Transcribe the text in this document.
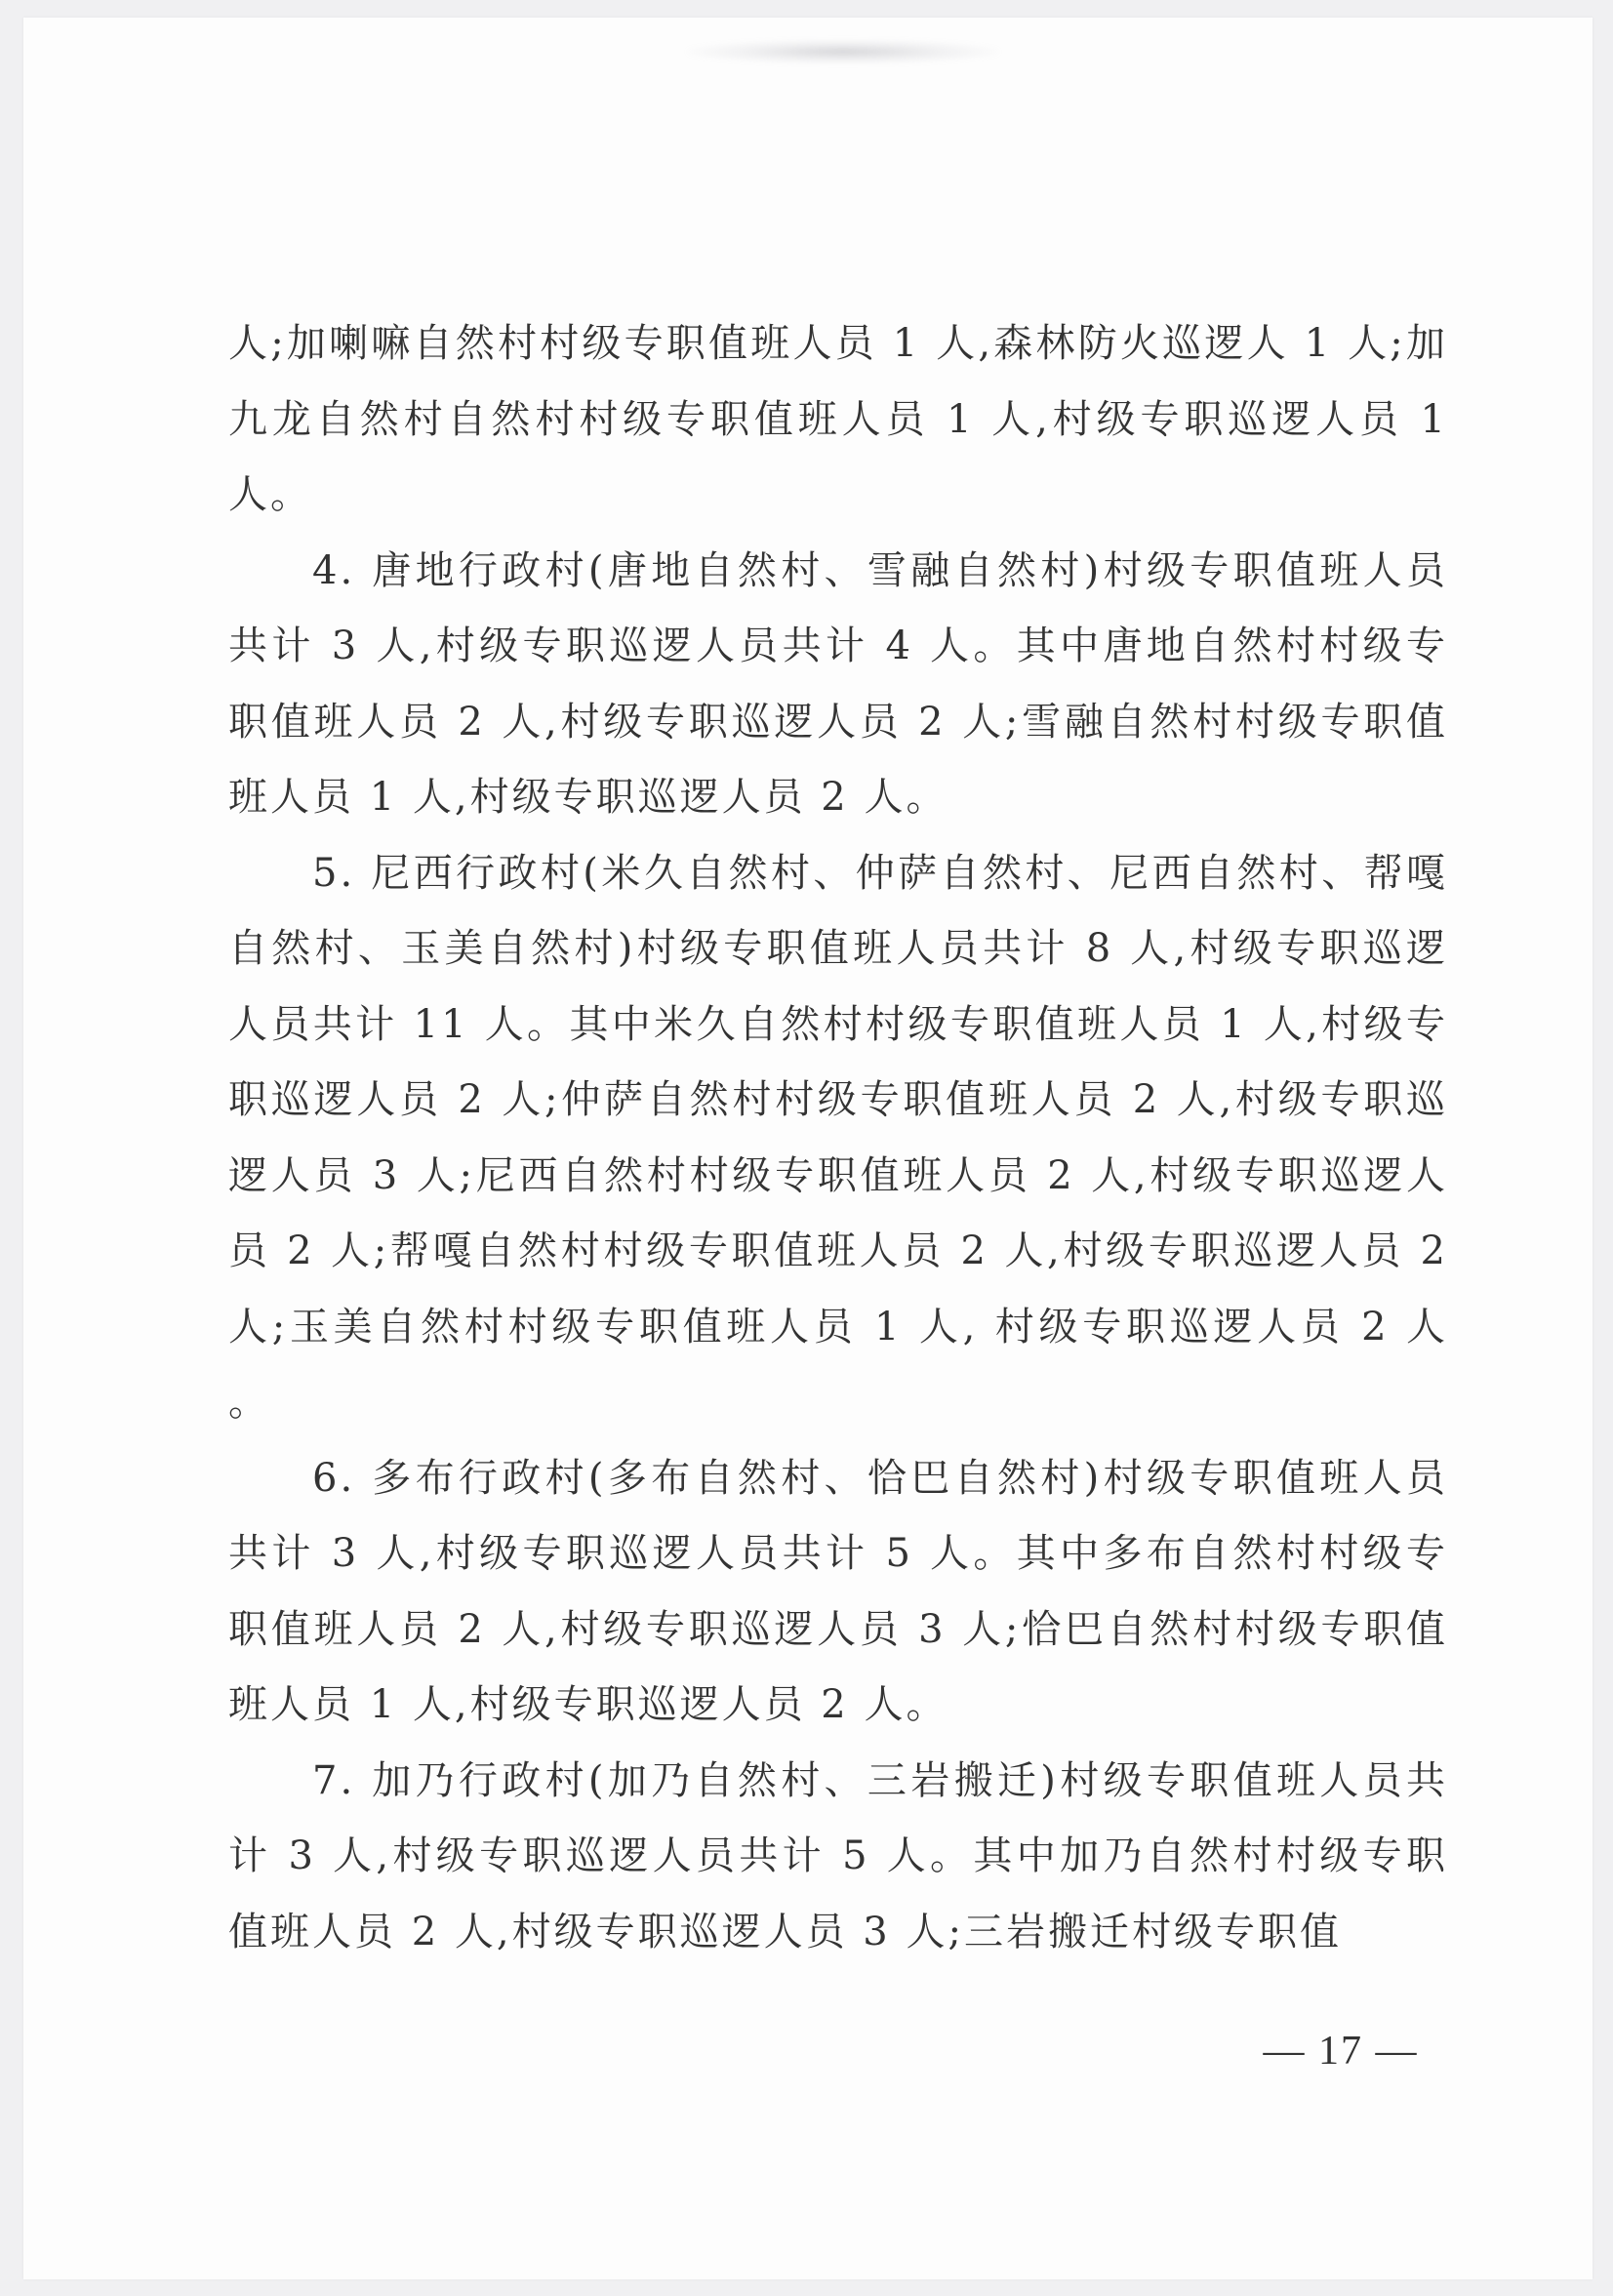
人;加喇嘛自然村村级专职值班人员 1 人,森林防火巡逻人 1 人;加九龙自然村自然村村级专职值班人员 1 人,村级专职巡逻人员 1 人。

4. 唐地行政村(唐地自然村、雪融自然村)村级专职值班人员共计 3 人,村级专职巡逻人员共计 4 人。其中唐地自然村村级专职值班人员 2 人,村级专职巡逻人员 2 人;雪融自然村村级专职值班人员 1 人,村级专职巡逻人员 2 人。

5. 尼西行政村(米久自然村、仲萨自然村、尼西自然村、帮嘎自然村、玉美自然村)村级专职值班人员共计 8 人,村级专职巡逻人员共计 11 人。其中米久自然村村级专职值班人员 1 人,村级专职巡逻人员 2 人;仲萨自然村村级专职值班人员 2 人,村级专职巡逻人员 3 人;尼西自然村村级专职值班人员 2 人,村级专职巡逻人员 2 人;帮嘎自然村村级专职值班人员 2 人,村级专职巡逻人员 2 人;玉美自然村村级专职值班人员 1 人, 村级专职巡逻人员 2 人 。

6. 多布行政村(多布自然村、恰巴自然村)村级专职值班人员共计 3 人,村级专职巡逻人员共计 5 人。其中多布自然村村级专职值班人员 2 人,村级专职巡逻人员 3 人;恰巴自然村村级专职值班人员 1 人,村级专职巡逻人员 2 人。

7. 加乃行政村(加乃自然村、三岩搬迁)村级专职值班人员共计 3 人,村级专职巡逻人员共计 5 人。其中加乃自然村村级专职值班人员 2 人,村级专职巡逻人员 3 人;三岩搬迁村级专职值

— 17 —
